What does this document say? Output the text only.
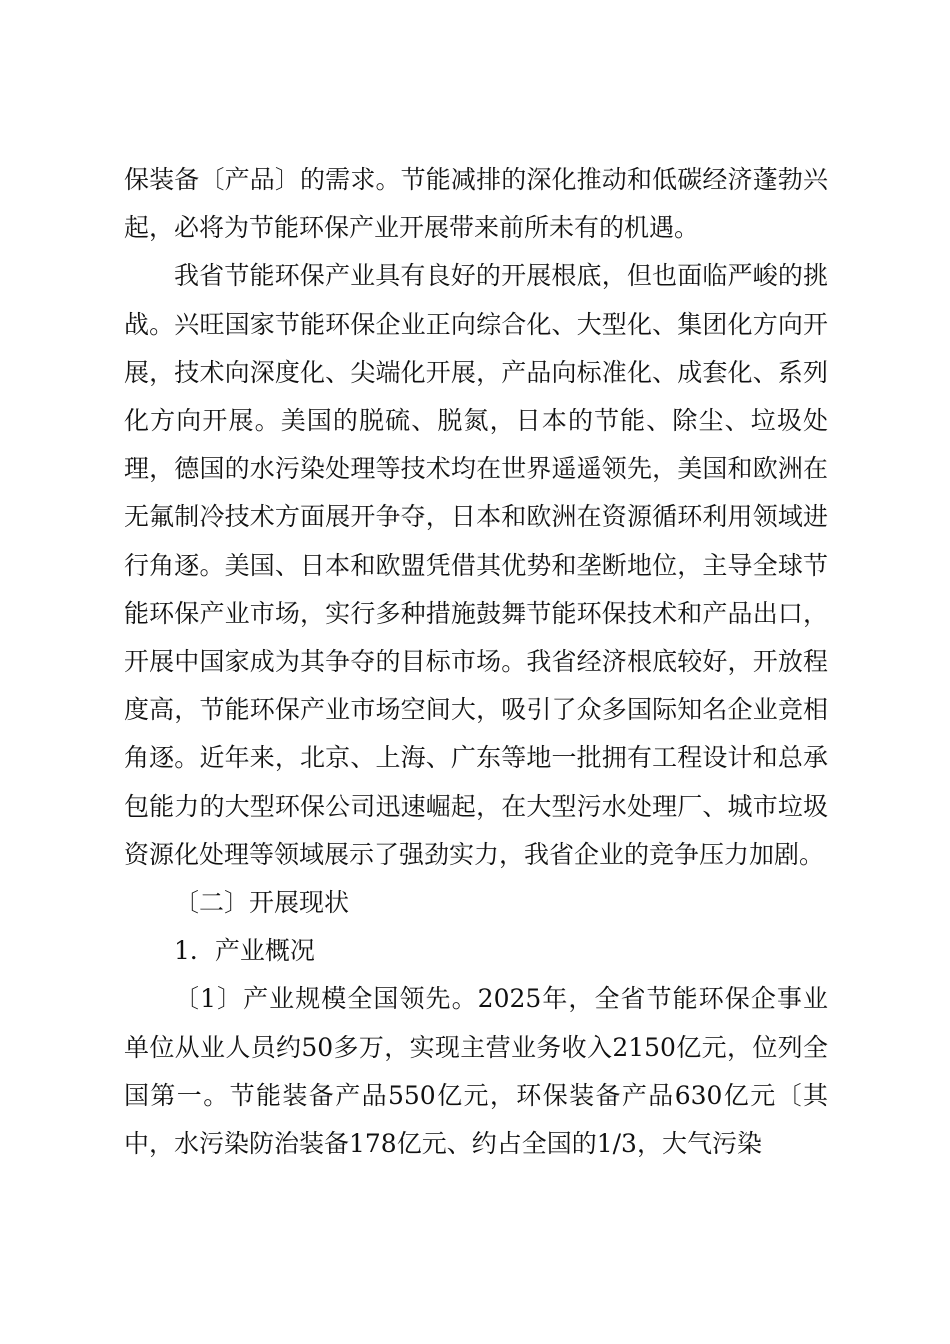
保装备〔产品〕的需求。节能减排的深化推动和低碳经济蓬勃兴起，必将为节能环保产业开展带来前所未有的机遇。

我省节能环保产业具有良好的开展根底，但也面临严峻的挑战。兴旺国家节能环保企业正向综合化、大型化、集团化方向开展，技术向深度化、尖端化开展，产品向标准化、成套化、系列化方向开展。美国的脱硫、脱氮，日本的节能、除尘、垃圾处理，德国的水污染处理等技术均在世界遥遥领先，美国和欧洲在无氟制冷技术方面展开争夺，日本和欧洲在资源循环利用领域进行角逐。美国、日本和欧盟凭借其优势和垄断地位，主导全球节能环保产业市场，实行多种措施鼓舞节能环保技术和产品出口，开展中国家成为其争夺的目标市场。我省经济根底较好，开放程度高，节能环保产业市场空间大，吸引了众多国际知名企业竞相角逐。近年来，北京、上海、广东等地一批拥有工程设计和总承包能力的大型环保公司迅速崛起，在大型污水处理厂、城市垃圾资源化处理等领域展示了强劲实力，我省企业的竞争压力加剧。

〔二〕开展现状

1．产业概况

〔1〕产业规模全国领先。2025年，全省节能环保企事业单位从业人员约50多万，实现主营业务收入2150亿元，位列全国第一。节能装备产品550亿元，环保装备产品630亿元〔其中，水污染防治装备178亿元、约占全国的1/3，大气污染
